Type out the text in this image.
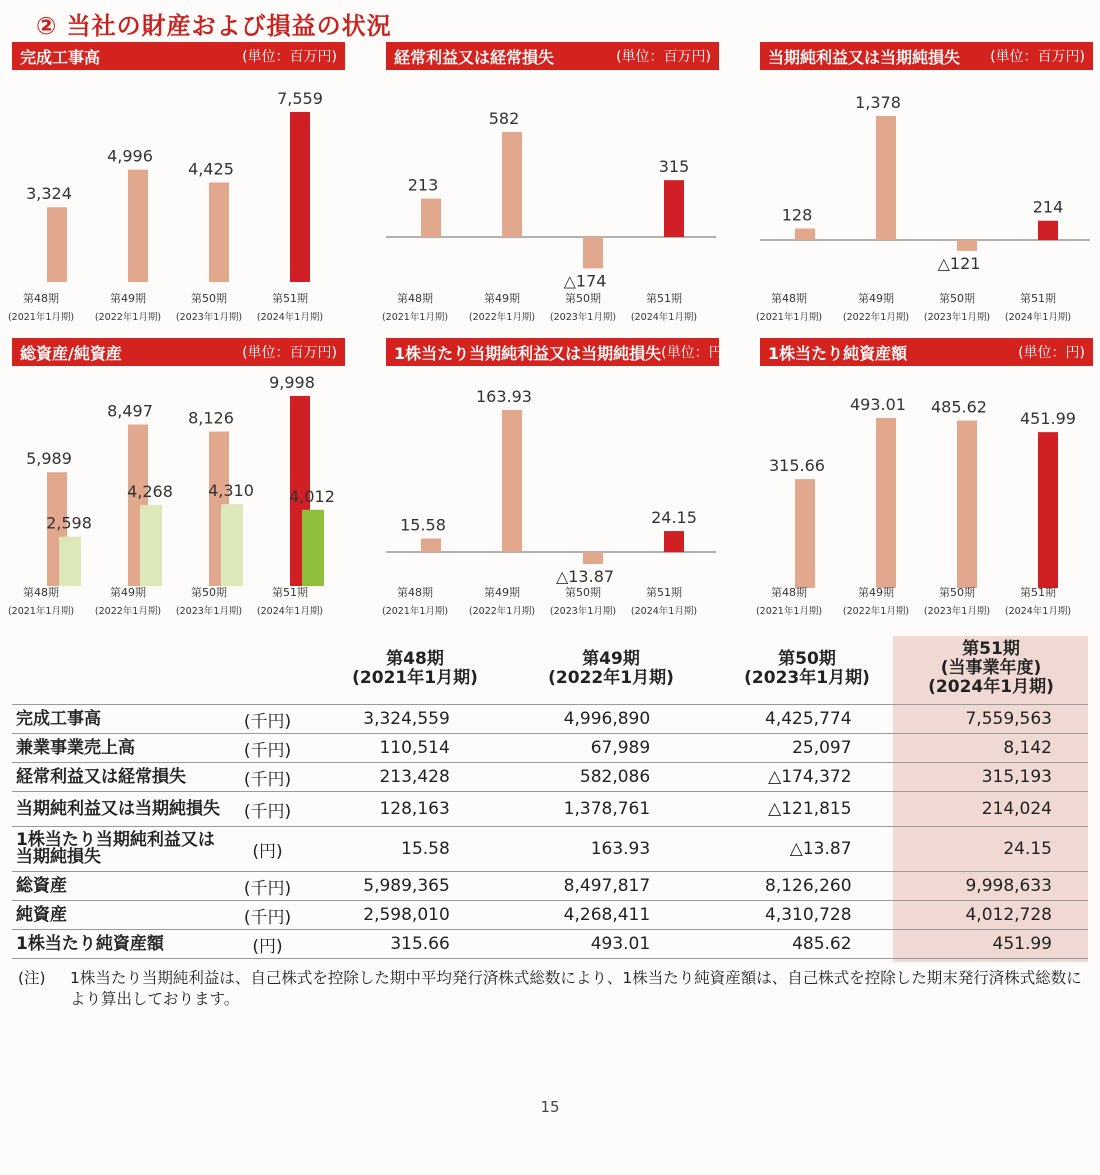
② 当社の財産および損益の状況
完成工事高	(単位：百万円)
3,324
4,996
4,425
7,559
第48期
(2021年1月期)
第49期
(2022年1月期)
第50期
(2023年1月期)
第51期
(2024年1月期)
経常利益又は経常損失	(単位：百万円)
213
582
△174
315
第48期
(2021年1月期)
第49期
(2022年1月期)
第50期
(2023年1月期)
第51期
(2024年1月期)
当期純利益又は当期純損失 (単位：百万円)
128
1,378
△121
214
第48期
(2021年1月期)
第49期
(2022年1月期)
第50期
(2023年1月期)
第51期
(2024年1月期)
総資産/純資産	(単位：百万円)
5,989
8,497 8,126
9,998
2,598
4,268 4,310 4,012
第48期
(2021年1月期)
第49期
(2022年1月期)
第50期
(2023年1月期)
第51期
(2024年1月期)
1株当たり当期純利益又は当期純損失 (単位：円)
15.58
163.93
△13.87
24.15
第48期
(2021年1月期)
第49期
(2022年1月期)
第50期
(2023年1月期)
第51期
(2024年1月期)
1株当たり純資産額	(単位：円)
315.66
493.01 485.62
451.99
第48期
(2021年1月期)
第49期
(2022年1月期)
第50期
(2023年1月期)
第51期
(2024年1月期)
第48期
(2021年1月期)
第49期
(2022年1月期)
第50期
(2023年1月期)
第51期
(当事業年度)
(2024年1月期)
完成工事高	(千円)	3,324,559	4,996,890	4,425,774	7,559,563
兼業事業売上高	(千円)	110,514	67,989	25,097	8,142
経常利益又は経常損失	(千円)	213,428	582,086	△174,372	315,193
当期純利益又は当期純損失	(千円)	128,163	1,378,761	△121,815	214,024
1株当たり当期純利益又は当期純損失	(円)	15.58	163.93	△13.87	24.15
総資産	(千円)	5,989,365	8,497,817	8,126,260	9,998,633
純資産	(千円)	2,598,010	4,268,411	4,310,728	4,012,728
1株当たり純資産額	(円)	315.66	493.01	485.62	451.99
(注) 1株当たり当期純利益は、自己株式を控除した期中平均発行済株式総数により、1株当たり純資産額は、自己株式を控除した期末発行済株式総数により算出しております。
15
